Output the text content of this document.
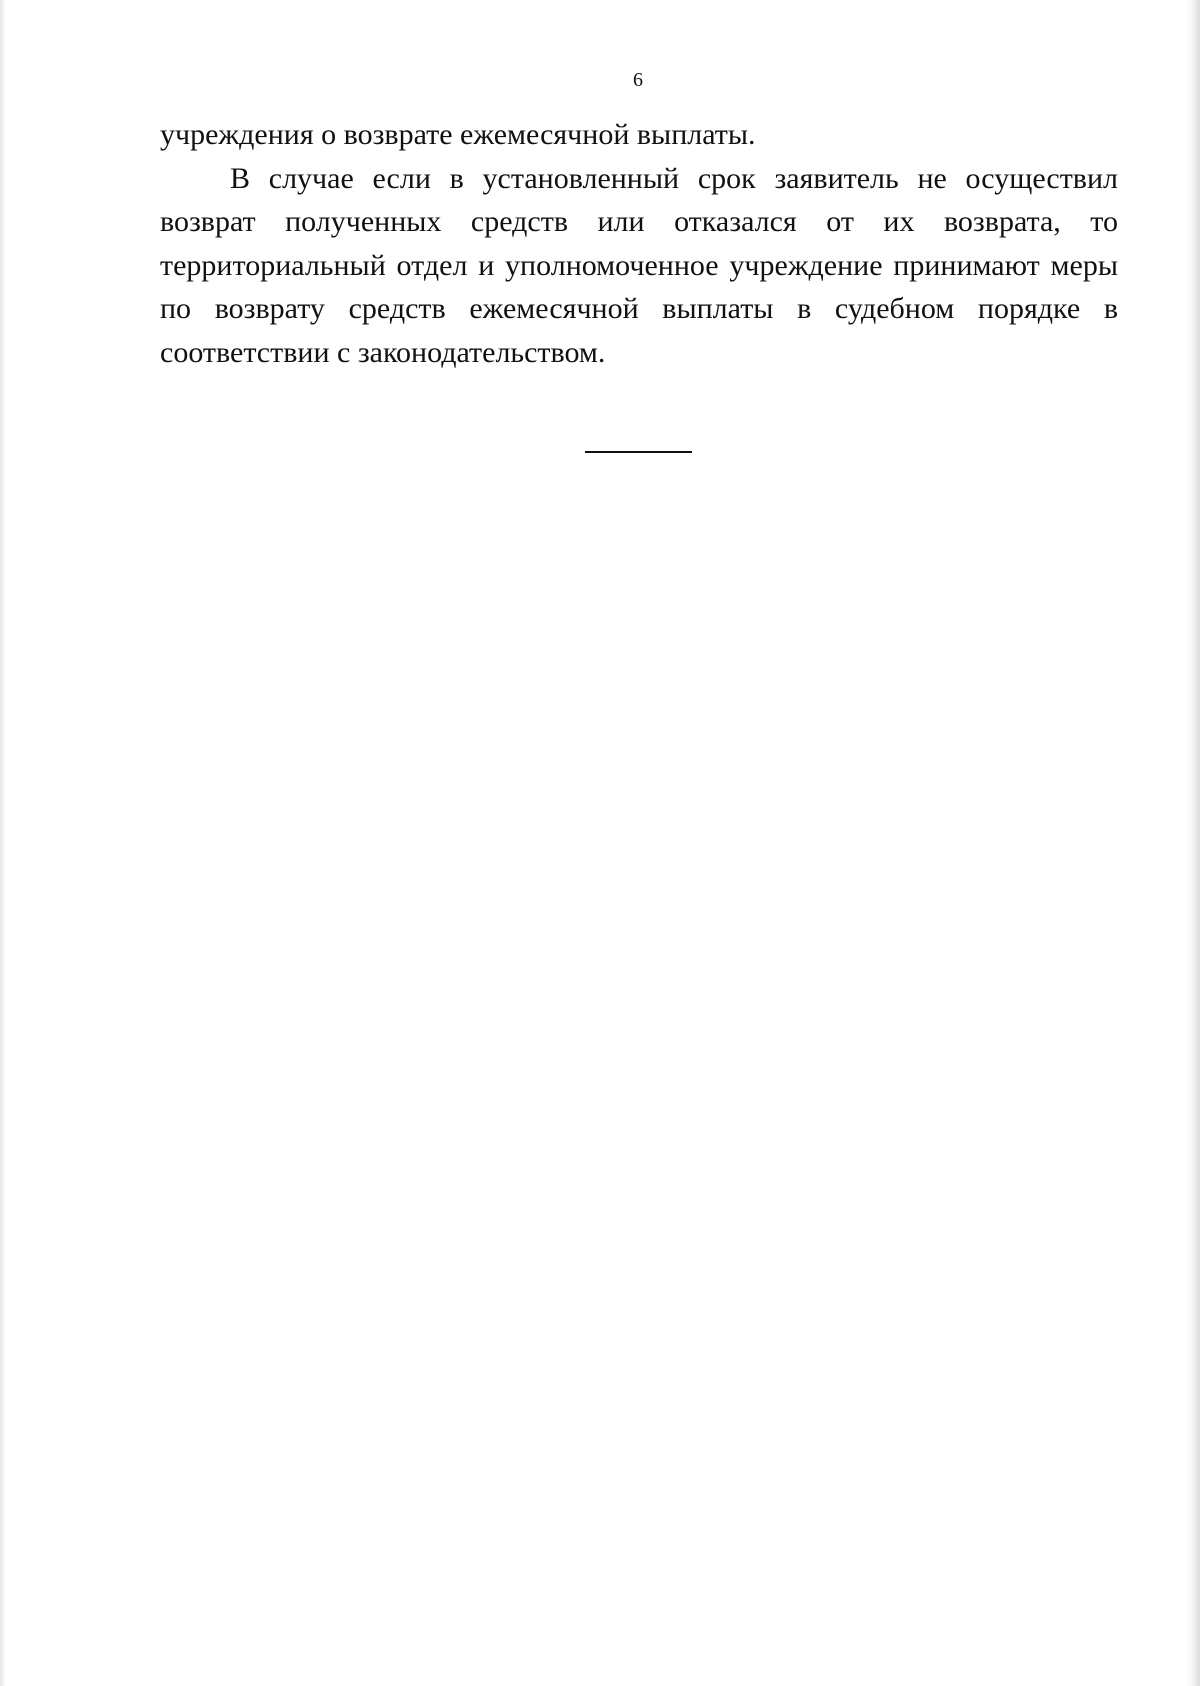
6

учреждения о возврате ежемесячной выплаты.

В случае если в установленный срок заявитель не осуществил возврат полученных средств или отказался от их возврата, то территориальный отдел и уполномоченное учреждение принимают меры по возврату средств ежемесячной выплаты в судебном порядке в соответствии с законодательством.
